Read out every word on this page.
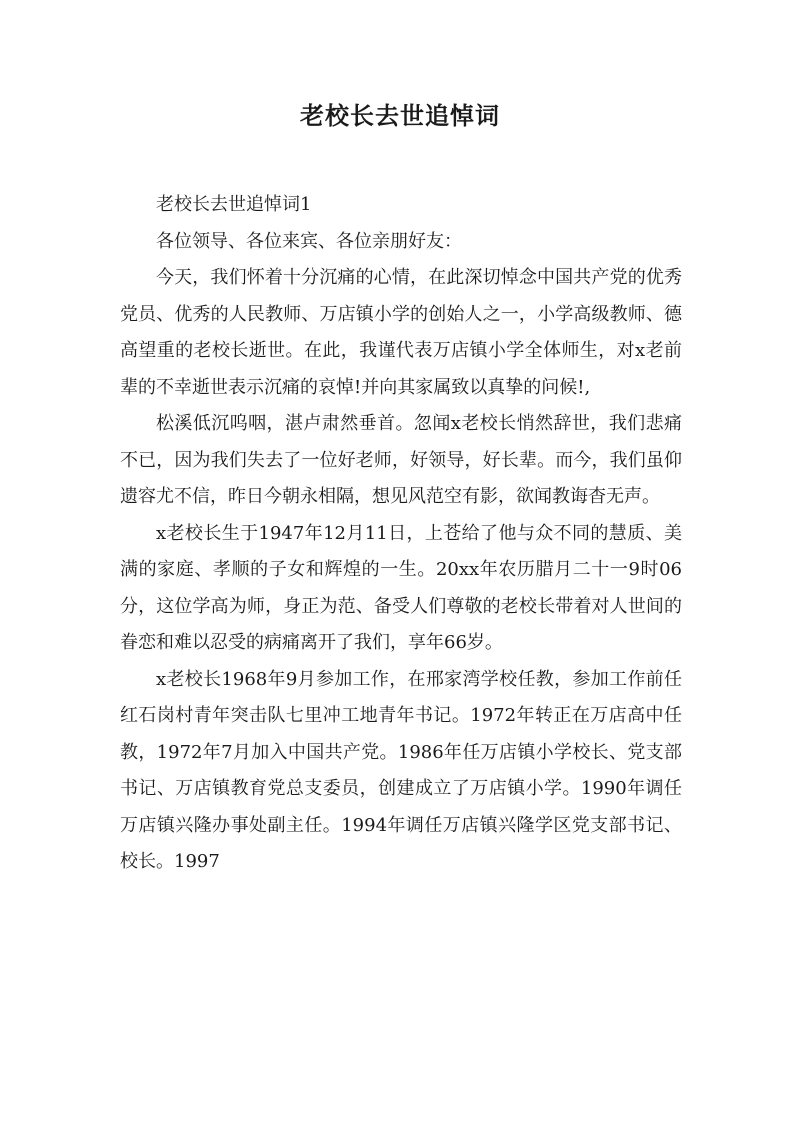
老校长去世追悼词

老校长去世追悼词1

各位领导、各位来宾、各位亲朋好友：

今天，我们怀着十分沉痛的心情，在此深切悼念中国共产党的优秀党员、优秀的人民教师、万店镇小学的创始人之一，小学高级教师、德高望重的老校长逝世。在此，我谨代表万店镇小学全体师生，对x老前辈的不幸逝世表示沉痛的哀悼!并向其家属致以真挚的问候!,

松溪低沉呜咽，湛卢肃然垂首。忽闻x老校长悄然辞世，我们悲痛不已，因为我们失去了一位好老师，好领导，好长辈。而今，我们虽仰遗容尤不信，昨日今朝永相隔，想见风范空有影，欲闻教诲杳无声。

x老校长生于1947年12月11日，上苍给了他与众不同的慧质、美满的家庭、孝顺的子女和辉煌的一生。20xx年农历腊月二十一9时06分，这位学高为师，身正为范、备受人们尊敬的老校长带着对人世间的眷恋和难以忍受的病痛离开了我们，享年66岁。

x老校长1968年9月参加工作，在邢家湾学校任教，参加工作前任红石岗村青年突击队七里冲工地青年书记。1972年转正在万店高中任教，1972年7月加入中国共产党。1986年任万店镇小学校长、党支部书记、万店镇教育党总支委员，创建成立了万店镇小学。1990年调任万店镇兴隆办事处副主任。1994年调任万店镇兴隆学区党支部书记、校长。1997
